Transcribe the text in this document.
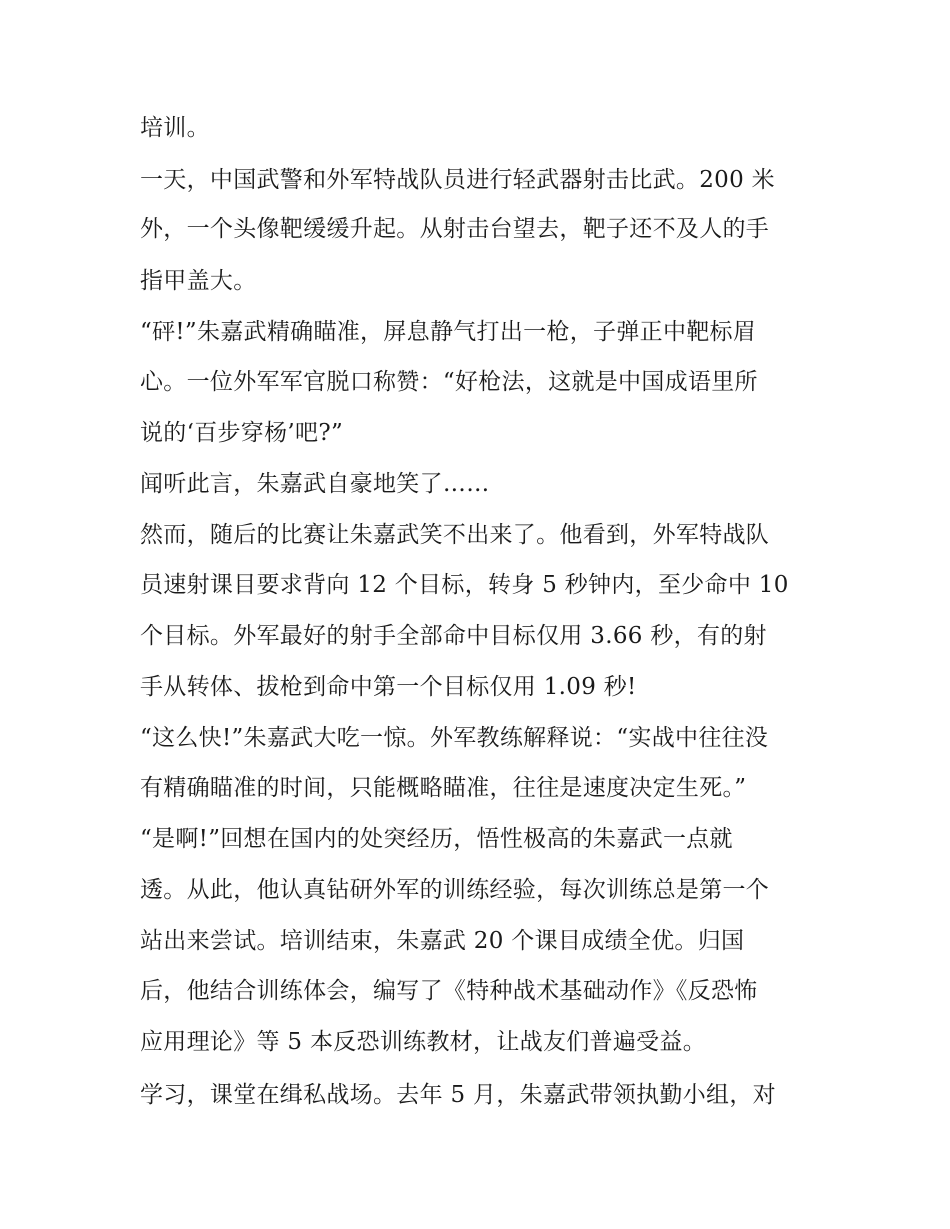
培训。
一天，中国武警和外军特战队员进行轻武器射击比武。200 米
外，一个头像靶缓缓升起。从射击台望去，靶子还不及人的手
指甲盖大。
“砰!”朱嘉武精确瞄准，屏息静气打出一枪，子弹正中靶标眉
心。一位外军军官脱口称赞：“好枪法，这就是中国成语里所
说的‘百步穿杨’吧?”
闻听此言，朱嘉武自豪地笑了……
然而，随后的比赛让朱嘉武笑不出来了。他看到，外军特战队
员速射课目要求背向 12 个目标，转身 5 秒钟内，至少命中 10
个目标。外军最好的射手全部命中目标仅用 3.66 秒，有的射
手从转体、拔枪到命中第一个目标仅用 1.09 秒!
“这么快!”朱嘉武大吃一惊。外军教练解释说：“实战中往往没
有精确瞄准的时间，只能概略瞄准，往往是速度决定生死。”
“是啊!”回想在国内的处突经历，悟性极高的朱嘉武一点就
透。从此，他认真钻研外军的训练经验，每次训练总是第一个
站出来尝试。培训结束，朱嘉武 20 个课目成绩全优。归国
后，他结合训练体会，编写了《特种战术基础动作》《反恐怖
应用理论》等 5 本反恐训练教材，让战友们普遍受益。
学习，课堂在缉私战场。去年 5 月，朱嘉武带领执勤小组，对
